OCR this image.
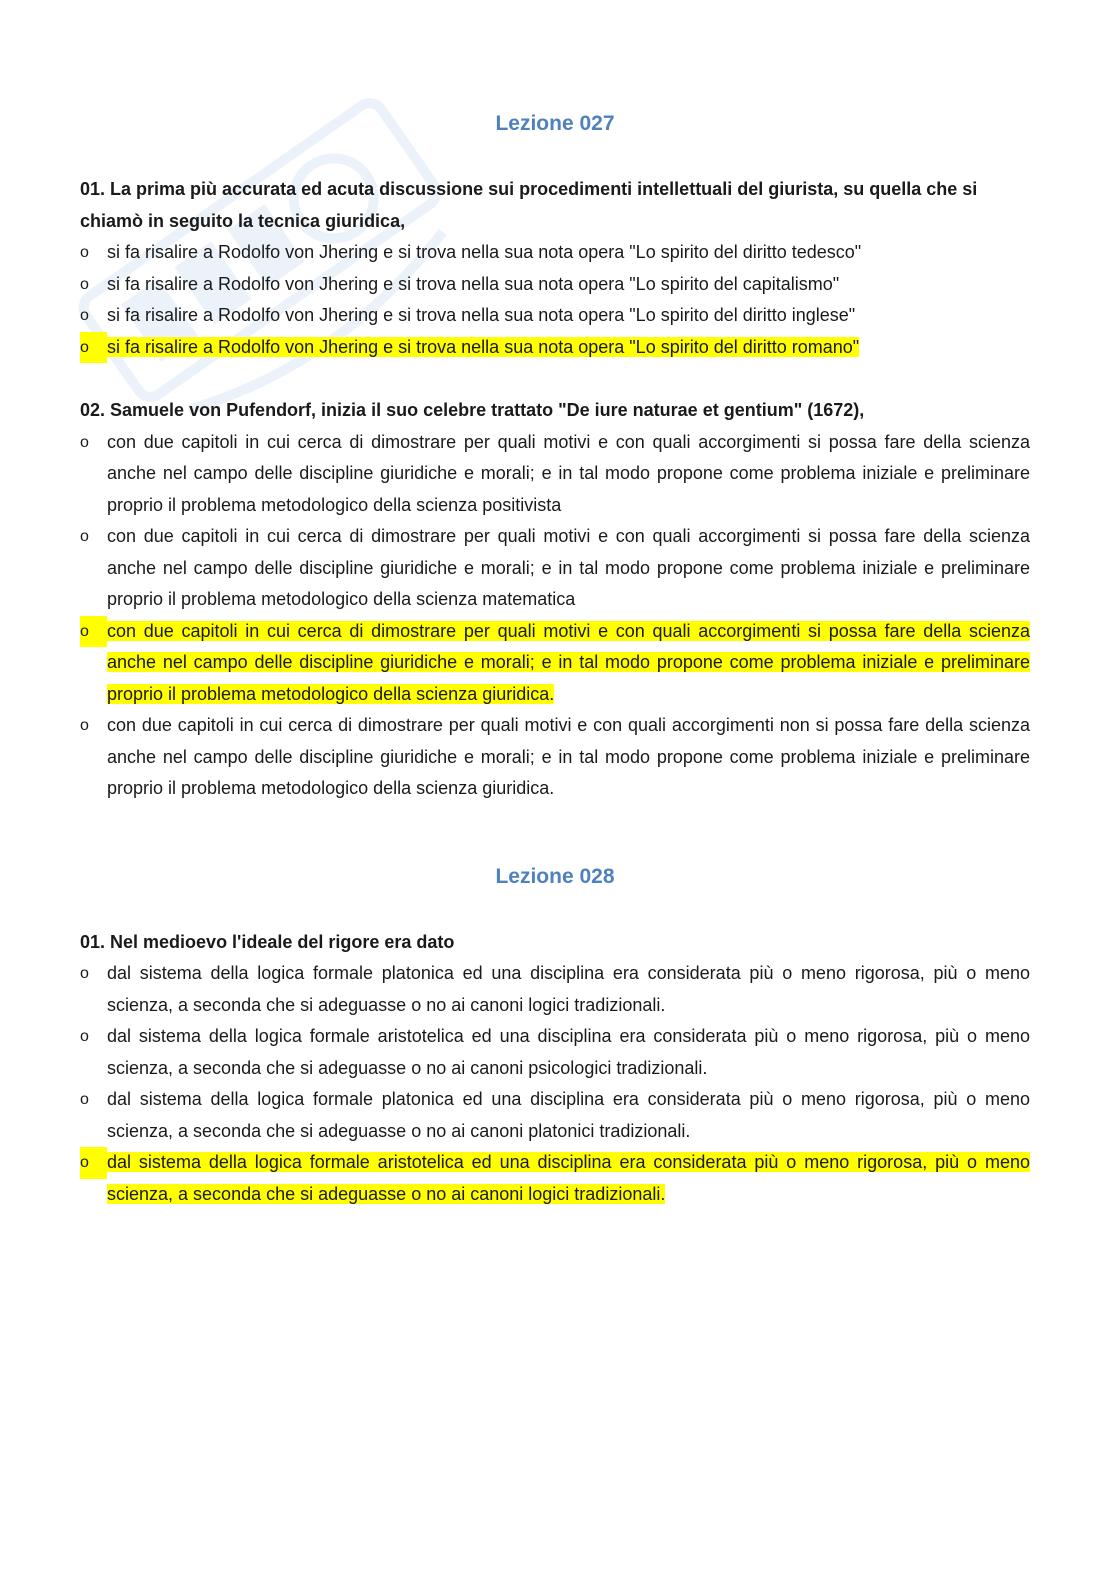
Lezione 027

01. La prima più accurata ed acuta discussione sui procedimenti intellettuali del giurista, su quella che si chiamò in seguito la tecnica giuridica,

o	si fa risalire a Rodolfo von Jhering e si trova nella sua nota opera "Lo spirito del diritto tedesco"
o	si fa risalire a Rodolfo von Jhering e si trova nella sua nota opera "Lo spirito del capitalismo"
o	si fa risalire a Rodolfo von Jhering e si trova nella sua nota opera "Lo spirito del diritto inglese"
o	si fa risalire a Rodolfo von Jhering e si trova nella sua nota opera "Lo spirito del diritto romano"

02. Samuele von Pufendorf, inizia il suo celebre trattato "De iure naturae et gentium" (1672),

o	con due capitoli in cui cerca di dimostrare per quali motivi e con quali accorgimenti si possa fare della scienza anche nel campo delle discipline giuridiche e morali; e in tal modo propone come problema iniziale e preliminare proprio il problema metodologico della scienza positivista
o	con due capitoli in cui cerca di dimostrare per quali motivi e con quali accorgimenti si possa fare della scienza anche nel campo delle discipline giuridiche e morali; e in tal modo propone come problema iniziale e preliminare proprio il problema metodologico della scienza matematica
o	con due capitoli in cui cerca di dimostrare per quali motivi e con quali accorgimenti si possa fare della scienza anche nel campo delle discipline giuridiche e morali; e in tal modo propone come problema iniziale e preliminare proprio il problema metodologico della scienza giuridica.
o	con due capitoli in cui cerca di dimostrare per quali motivi e con quali accorgimenti non si possa fare della scienza anche nel campo delle discipline giuridiche e morali; e in tal modo propone come problema iniziale e preliminare proprio il problema metodologico della scienza giuridica.
Lezione 028

01. Nel medioevo l'ideale del rigore era dato

o	dal sistema della logica formale platonica ed una disciplina era considerata più o meno rigorosa, più o meno scienza, a seconda che si adeguasse o no ai canoni logici tradizionali.
o	dal sistema della logica formale aristotelica ed una disciplina era considerata più o meno rigorosa, più o meno scienza, a seconda che si adeguasse o no ai canoni psicologici tradizionali.
o	dal sistema della logica formale platonica ed una disciplina era considerata più o meno rigorosa, più o meno scienza, a seconda che si adeguasse o no ai canoni platonici tradizionali.
o	dal sistema della logica formale aristotelica ed una disciplina era considerata più o meno rigorosa, più o meno scienza, a seconda che si adeguasse o no ai canoni logici tradizionali.
